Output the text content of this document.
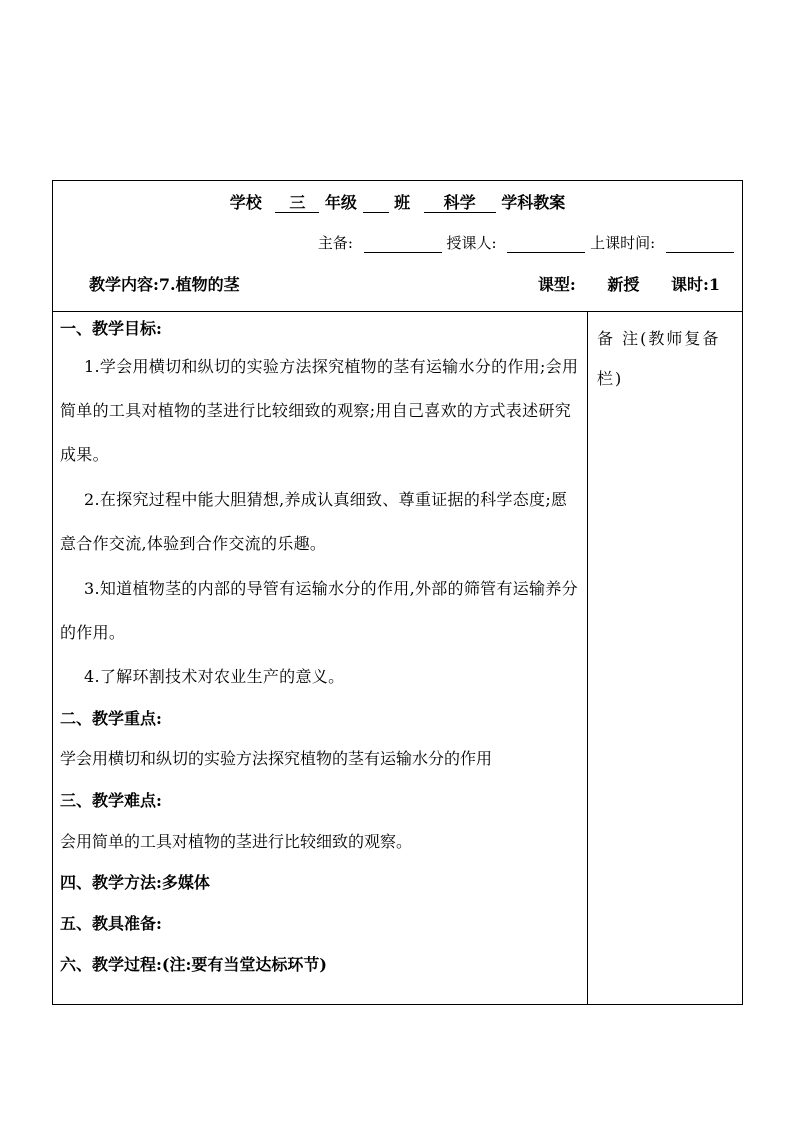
学校 三 年级 班 科学 学科教案
主备:	授课人:	上课时间:
教学内容:7.植物的茎	课型: 新授 课时:1
一、教学目标:
1.学会用横切和纵切的实验方法探究植物的茎有运输水分的作用;会用简单的工具对植物的茎进行比较细致的观察;用自己喜欢的方式表述研究成果。
2.在探究过程中能大胆猜想,养成认真细致、尊重证据的科学态度;愿意合作交流,体验到合作交流的乐趣。
3.知道植物茎的内部的导管有运输水分的作用,外部的筛管有运输养分的作用。
4.了解环割技术对农业生产的意义。
二、教学重点:
学会用横切和纵切的实验方法探究植物的茎有运输水分的作用
三、教学难点:
会用简单的工具对植物的茎进行比较细致的观察。
四、教学方法:多媒体
五、教具准备:
六、教学过程:(注:要有当堂达标环节)
备 注(教师复备栏)
